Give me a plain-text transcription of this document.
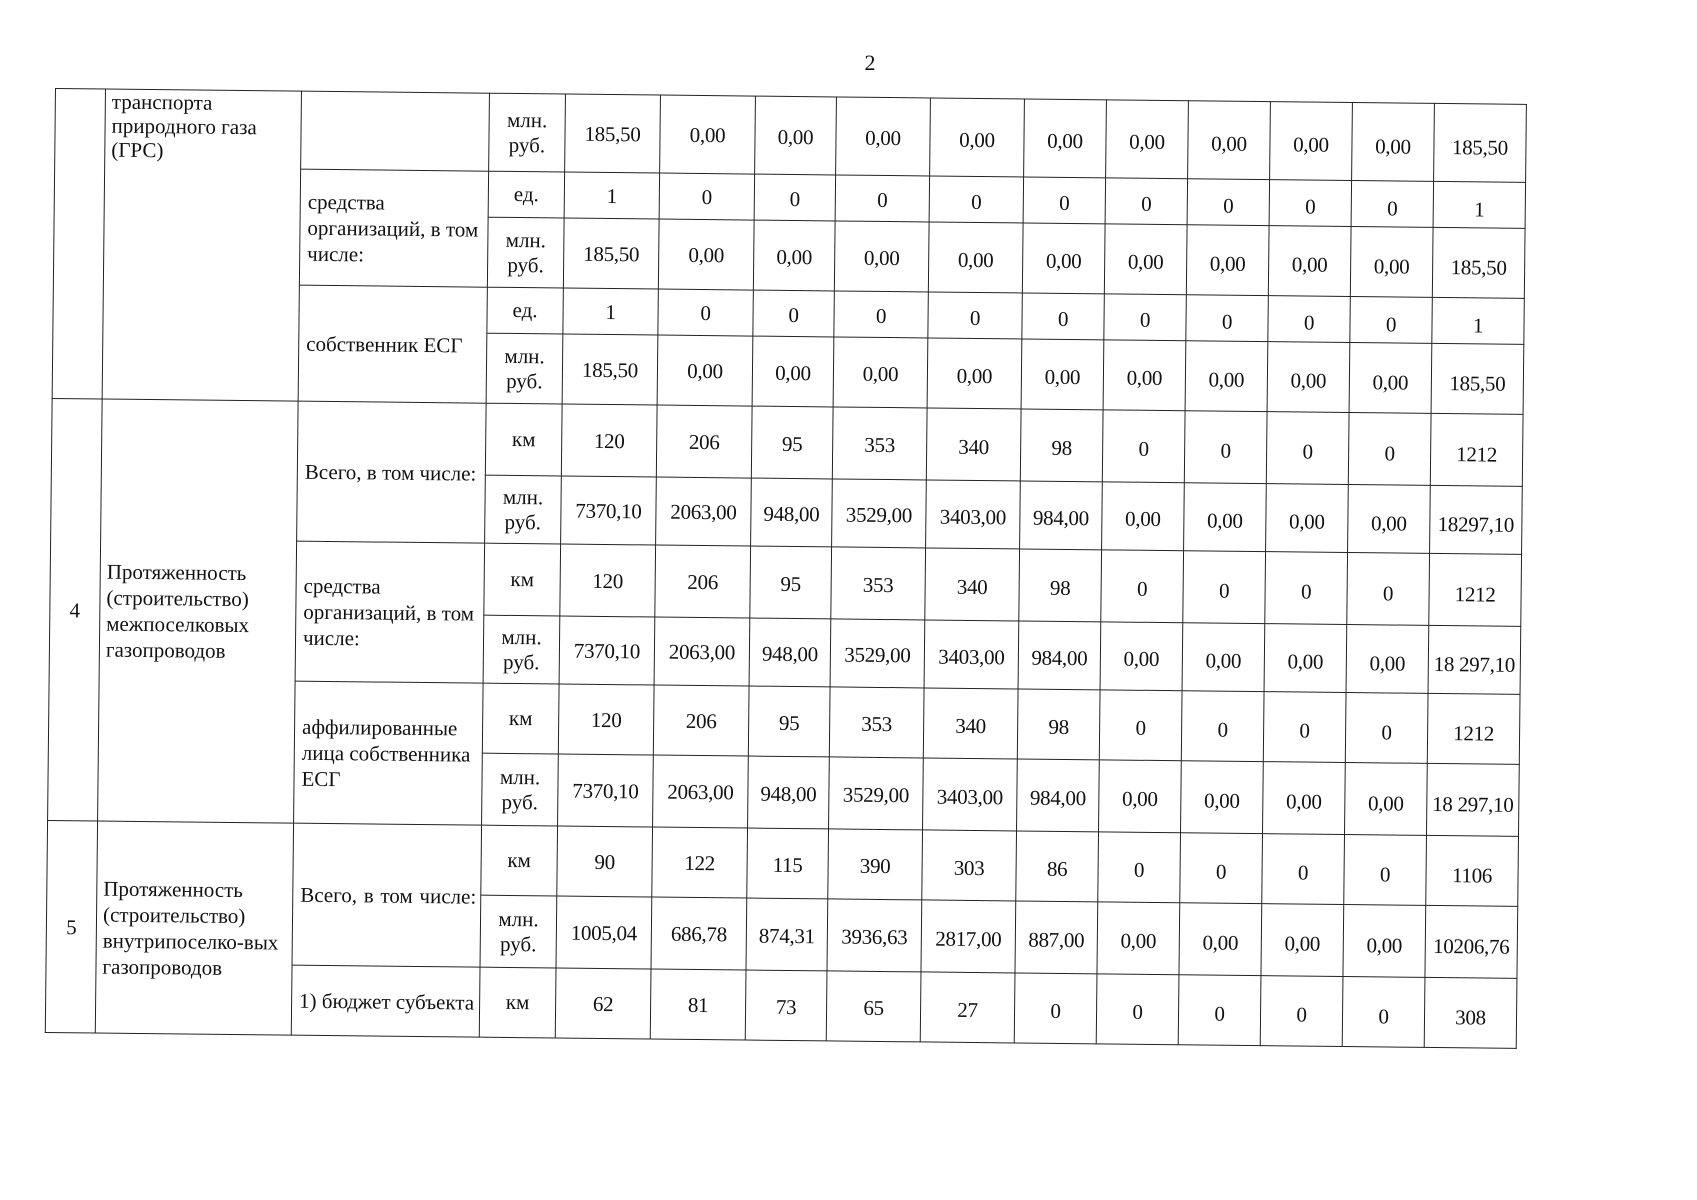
2
	транспорта природного газа (ГРС)		млн. руб.	185,50	0,00	0,00	0,00	0,00	0,00	0,00	0,00	0,00	0,00	185,50
		средства организаций, в том числе:	ед.	1	0	0	0	0	0	0	0	0	0	1
			млн. руб.	185,50	0,00	0,00	0,00	0,00	0,00	0,00	0,00	0,00	0,00	185,50
		собственник ЕСГ	ед.	1	0	0	0	0	0	0	0	0	0	1
			млн. руб.	185,50	0,00	0,00	0,00	0,00	0,00	0,00	0,00	0,00	0,00	185,50
4	Протяженность (строительство) межпоселковых газопроводов	Всего, в том числе:	км	120	206	95	353	340	98	0	0	0	0	1212
			млн. руб.	7370,10	2063,00	948,00	3529,00	3403,00	984,00	0,00	0,00	0,00	0,00	18297,10
		средства организаций, в том числе:	км	120	206	95	353	340	98	0	0	0	0	1212
			млн. руб.	7370,10	2063,00	948,00	3529,00	3403,00	984,00	0,00	0,00	0,00	0,00	18 297,10
		аффилированные лица собственника ЕСГ	км	120	206	95	353	340	98	0	0	0	0	1212
			млн. руб.	7370,10	2063,00	948,00	3529,00	3403,00	984,00	0,00	0,00	0,00	0,00	18 297,10
5	Протяженность (строительство) внутрипоселко-вых газопроводов	Всего, в том числе:	км	90	122	115	390	303	86	0	0	0	0	1106
			млн. руб.	1005,04	686,78	874,31	3936,63	2817,00	887,00	0,00	0,00	0,00	0,00	10206,76
		1) бюджет субъекта	км	62	81	73	65	27	0	0	0	0	0	308
